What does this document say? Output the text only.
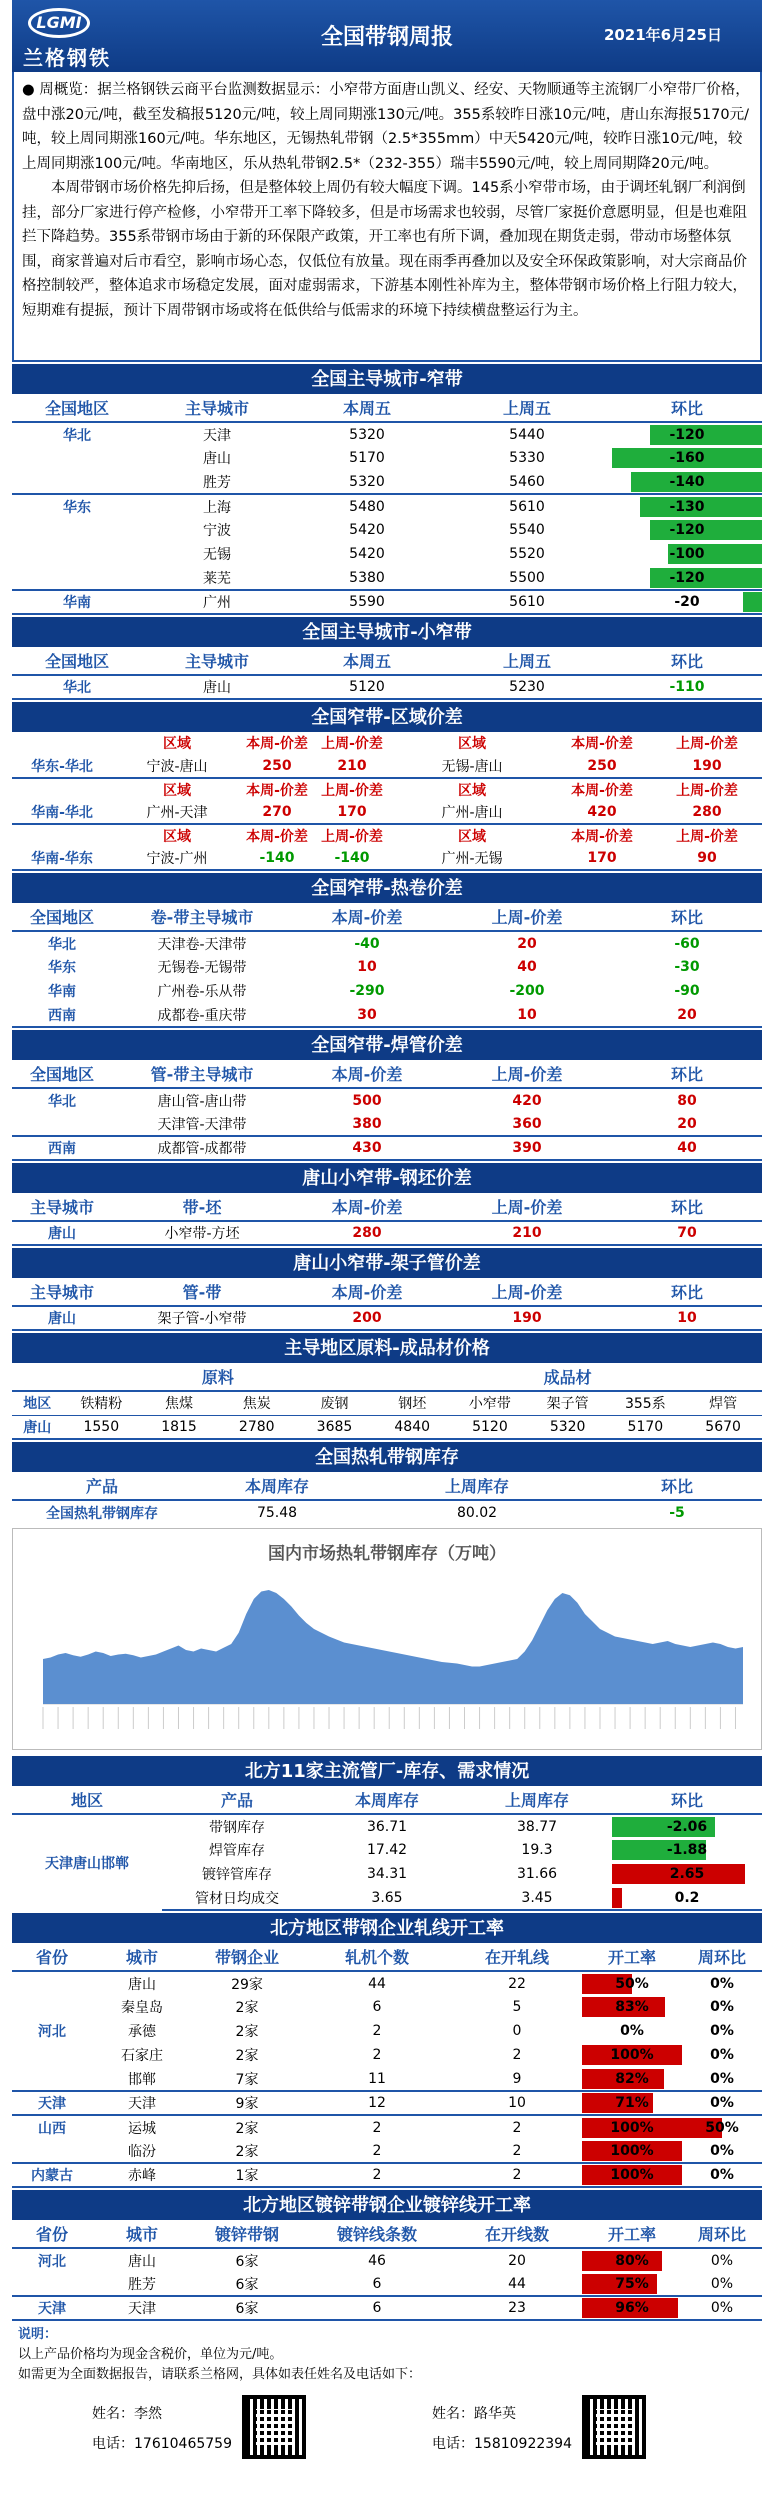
LGMI
兰格钢铁
全国带钢周报	2021年6月25日

● 周概览：据兰格钢铁云商平台监测数据显示：小窄带方面唐山凯义、经安、天物顺通等主流钢厂小窄带厂价格，盘中涨20元/吨，截至发稿报5120元/吨，较上周同期涨130元/吨。355系较昨日涨10元/吨，唐山东海报5170元/吨，较上周同期涨160元/吨。华东地区，无锡热轧带钢（2.5*355mm）中天5420元/吨，较昨日涨10元/吨，较上周同期涨100元/吨。华南地区，乐从热轧带钢2.5*（232-355）瑞丰5590元/吨，较上周同期降20元/吨。

本周带钢市场价格先抑后扬，但是整体较上周仍有较大幅度下调。145系小窄带市场，由于调坯轧钢厂利润倒挂，部分厂家进行停产检修，小窄带开工率下降较多，但是市场需求也较弱，尽管厂家挺价意愿明显，但是也难阻拦下降趋势。355系带钢市场由于新的环保限产政策，开工率也有所下调，叠加现在期货走弱，带动市场整体氛围，商家普遍对后市看空，影响市场心态，仅低位有放量。现在雨季再叠加以及安全环保政策影响，对大宗商品价格控制较严，整体追求市场稳定发展，面对虚弱需求，下游基本刚性补库为主，整体带钢市场价格上行阻力较大，短期难有提振，预计下周带钢市场或将在低供给与低需求的环境下持续横盘整运行为主。

全国主导城市-窄带
全国地区	主导城市	本周五	上周五	环比
华北	天津	5320	5440	-120

	唐山	5170	5330	-160

	胜芳	5320	5460	-140

华东	上海	5480	5610	-130

	宁波	5420	5540	-120

	无锡	5420	5520	-100

	莱芜	5380	5500	-120

华南	广州	5590	5610	-20
全国主导城市-小窄带
全国地区	主导城市	本周五	上周五	环比
华北	唐山	5120	5230	-110
全国窄带-区域价差
	区域	本周-价差	上周-价差	区域	本周-价差	上周-价差
华东-华北	宁波-唐山	250	210	无锡-唐山	250	190
	区域	本周-价差	上周-价差	区域	本周-价差	上周-价差
华南-华北	广州-天津	270	170	广州-唐山	420	280
	区域	本周-价差	上周-价差	区域	本周-价差	上周-价差
华南-华东	宁波-广州	-140	-140	广州-无锡	170	90
全国窄带-热卷价差
全国地区	卷-带主导城市	本周-价差	上周-价差	环比
华北	天津卷-天津带	-40	20	-60
华东	无锡卷-无锡带	10	40	-30
华南	广州卷-乐从带	-290	-200	-90
西南	成都卷-重庆带	30	10	20
全国窄带-焊管价差
全国地区	管-带主导城市	本周-价差	上周-价差	环比
华北	唐山管-唐山带	500	420	80
	天津管-天津带	380	360	20
西南	成都管-成都带	430	390	40
唐山小窄带-钢坯价差
主导城市	带-坯	本周-价差	上周-价差	环比
唐山	小窄带-方坯	280	210	70
唐山小窄带-架子管价差
主导城市	管-带	本周-价差	上周-价差	环比
唐山	架子管-小窄带	200	190	10
主导地区原料-成品材价格
	原料				成品材				
地区	铁精粉	焦煤	焦炭	废钢	钢坯	小窄带	架子管	355系	焊管
唐山	1550	1815	2780	3685	4840	5120	5320	5170	5670
全国热轧带钢库存
产品	本周库存	上周库存	环比
全国热轧带钢库存	75.48	80.02	-5
国内市场热轧带钢库存（万吨）
北方11家主流管厂-库存、需求情况
地区	产品	本周库存	上周库存	环比
天津唐山邯郸	带钢库存	36.71	38.77	-2.06

	焊管库存	17.42	19.3	-1.88

	镀锌管库存	34.31	31.66	2.65

	管材日均成交	3.65	3.45	0.2
北方地区带钢企业轧线开工率
省份	城市	带钢企业	轧机个数	在开轧线	开工率	周环比
	唐山	29家	44	22	50%	0%

	秦皇岛	2家	6	5	83%	0%

河北	承德	2家	2	0	0%	0%

	石家庄	2家	2	2	100%	0%

	邯郸	7家	11	9	82%	0%

天津	天津	9家	12	10	71%	0%

山西	运城	2家	2	2	100%	50%

	临汾	2家	2	2	100%	0%

内蒙古	赤峰	1家	2	2	100%	0%
北方地区镀锌带钢企业镀锌线开工率
省份	城市	镀锌带钢	镀锌线条数	在开线数	开工率	周环比
河北	唐山	6家	46	20	80%	0%
	胜芳	6家	6	44	75%	0%
天津	天津	6家	6	23	96%	0%
说明：
以上产品价格均为现金含税价，单位为元/吨。
如需更为全面数据报告，请联系兰格网，具体如表任姓名及电话如下：
姓名：李然
电话：17610465759
姓名：路华英
电话：15810922394
